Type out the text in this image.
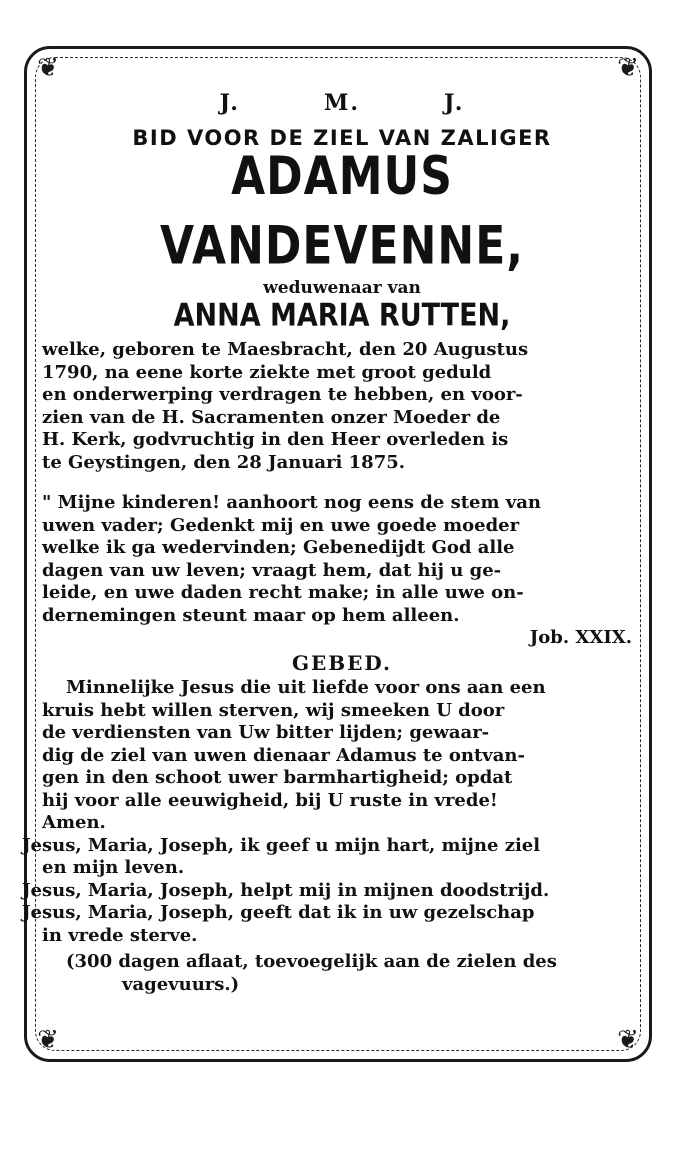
❦	❦
❦	❦

J.	M.	J.

BID VOOR DE ZIEL VAN ZALIGER

ADAMUS VANDEVENNE,

weduwenaar van

ANNA MARIA RUTTEN,

welke, geboren te Maesbracht, den 20 Augustus
1790, na eene korte ziekte met groot geduld
en onderwerping verdragen te hebben, en voor-
zien van de H. Sacramenten onzer Moeder de
H. Kerk, godvruchtig in den Heer overleden is
te Geystingen, den 28 Januari 1875.

" Mijne kinderen! aanhoort nog eens de stem van
uwen vader; Gedenkt mij en uwe goede moeder
welke ik ga wedervinden; Gebenedijdt God alle
dagen van uw leven; vraagt hem, dat hij u ge-
leide, en uwe daden recht make; in alle uwe on-
dernemingen steunt maar op hem alleen.

Job. XXIX.

GEBED.

Minnelijke Jesus die uit liefde voor ons aan een
kruis hebt willen sterven, wij smeeken U door
de verdiensten van Uw bitter lijden; gewaar-
dig de ziel van uwen dienaar Adamus te ontvan-
gen in den schoot uwer barmhartigheid; opdat
hij voor alle eeuwigheid, bij U ruste in vrede!
Amen.

Jesus, Maria, Joseph, ik geef u mijn hart, mijne ziel
en mijn leven.
Jesus, Maria, Joseph, helpt mij in mijnen doodstrijd.
Jesus, Maria, Joseph, geeft dat ik in uw gezelschap
in vrede sterve.

(300 dagen aflaat, toevoegelijk aan de zielen des
vagevuurs.)
